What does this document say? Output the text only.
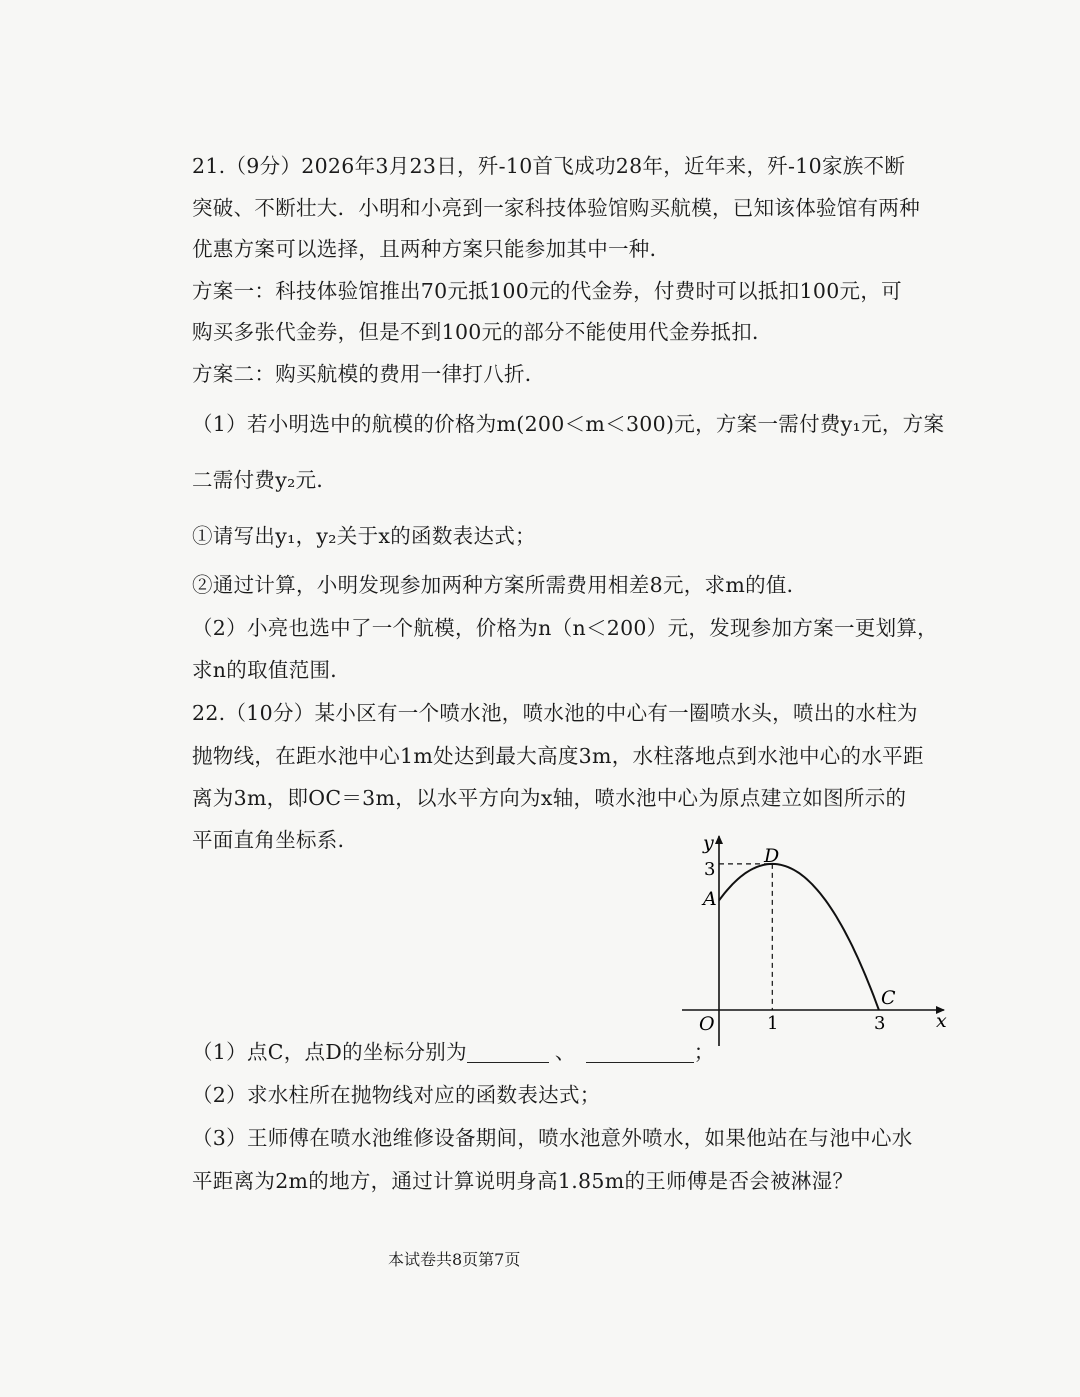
21.（9分）2026年3月23日，歼-10首飞成功28年，近年来，歼-10家族不断

突破、不断壮大．小明和小亮到一家科技体验馆购买航模，已知该体验馆有两种

优惠方案可以选择，且两种方案只能参加其中一种．

方案一：科技体验馆推出70元抵100元的代金券，付费时可以抵扣100元，可

购买多张代金券，但是不到100元的部分不能使用代金券抵扣．

方案二：购买航模的费用一律打八折．

（1）若小明选中的航模的价格为m(200＜m＜300)元，方案一需付费y₁元，方案

二需付费y₂元．

①请写出y₁，y₂关于x的函数表达式；

②通过计算，小明发现参加两种方案所需费用相差8元，求m的值．

（2）小亮也选中了一个航模，价格为n（n＜200）元，发现参加方案一更划算，

求n的取值范围．

22.（10分）某小区有一个喷水池，喷水池的中心有一圈喷水头，喷出的水柱为

抛物线，在距水池中心1m处达到最大高度3m，水柱落地点到水池中心的水平距

离为3m，即OC＝3m，以水平方向为x轴，喷水池中心为原点建立如图所示的

平面直角坐标系．	y
x
O
A
D
C
3
1	3

（1）点C，点D的坐标分别为	、	；

（2）求水柱所在抛物线对应的函数表达式；

（3）王师傅在喷水池维修设备期间，喷水池意外喷水，如果他站在与池中心水

平距离为2m的地方，通过计算说明身高1.85m的王师傅是否会被淋湿？

本试卷共8页第7页
